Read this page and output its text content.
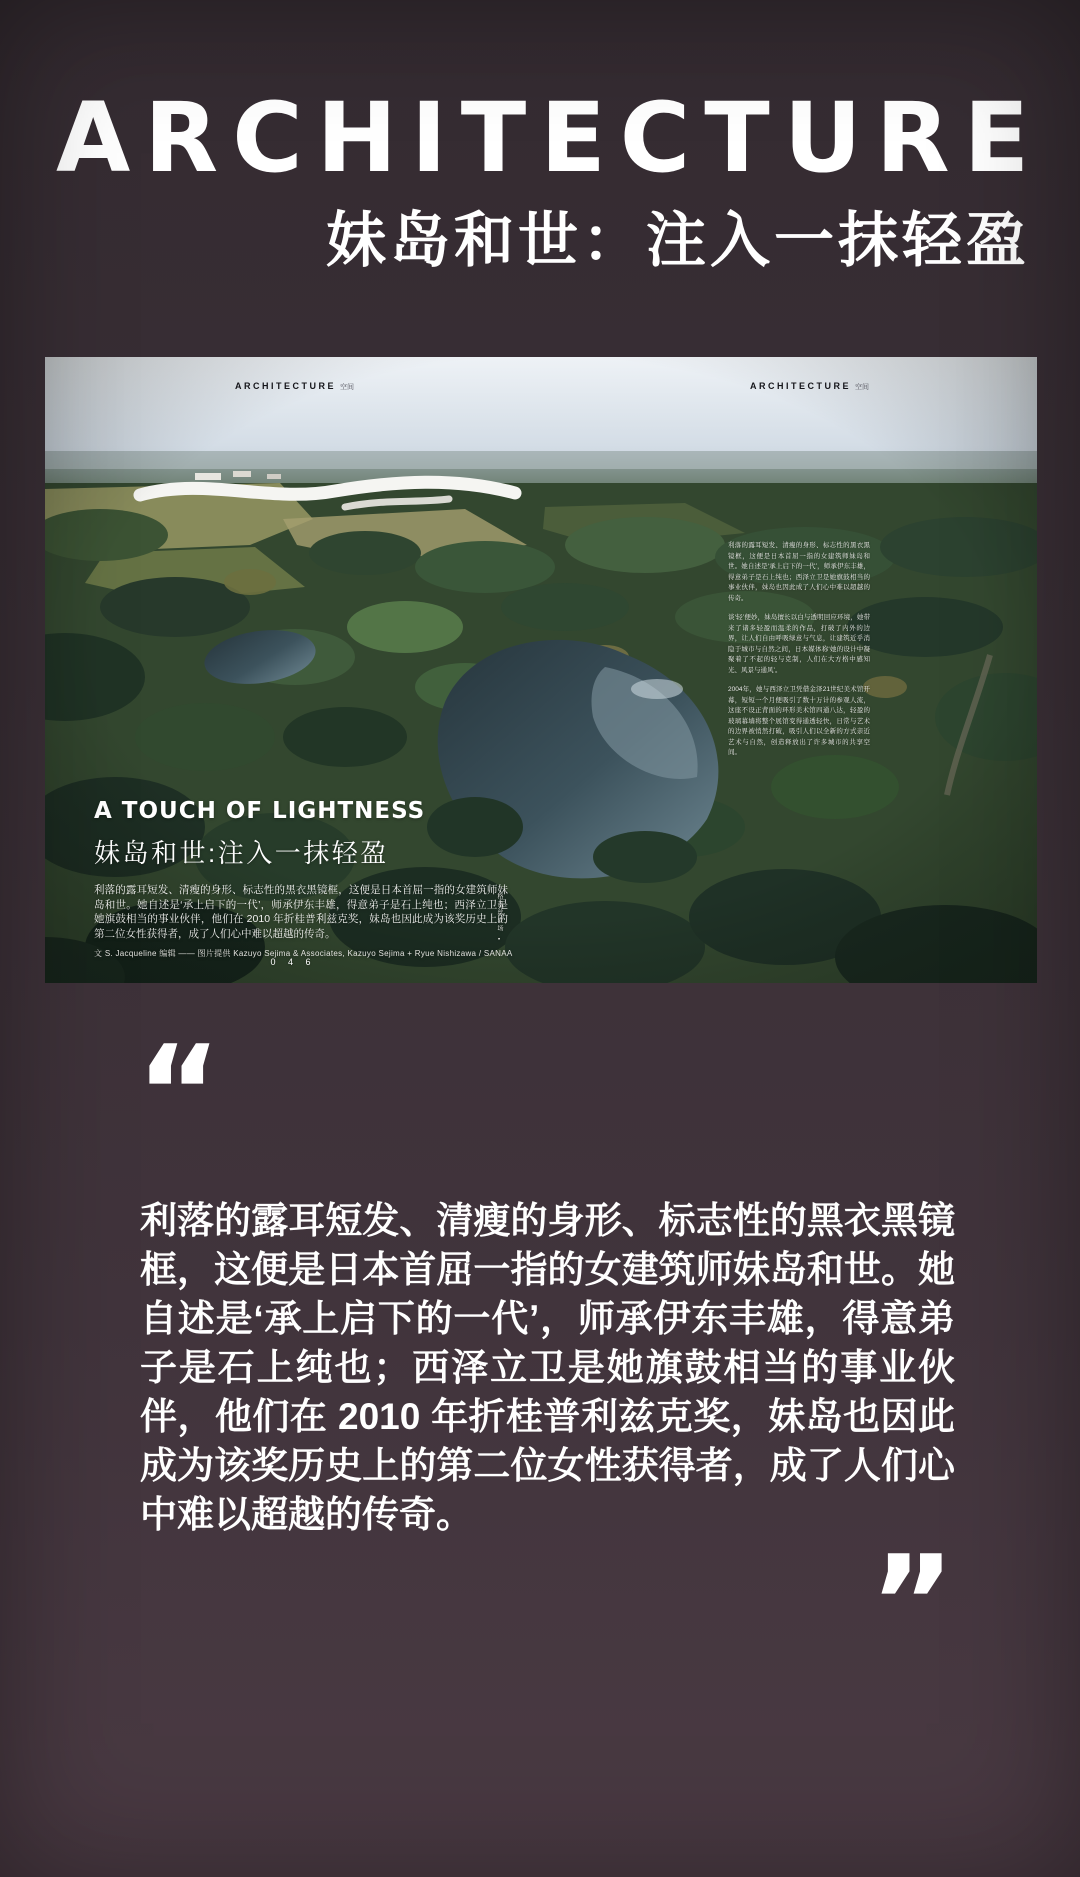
ARCHITECTURE
妹岛和世：注入一抹轻盈
ARCHITECTURE 空间	ARCHITECTURE 空间

利落的露耳短发、清瘦的身形、标志性的黑衣黑镜框，这便是日本首屈一指的女建筑师妹岛和世。她自述是‘承上启下的一代’，师承伊东丰雄，得意弟子是石上纯也；西泽立卫是她旗鼓相当的事业伙伴，妹岛也因此成了人们心中难以超越的传奇。

谈‘轻’便妙，妹岛擅长以白与透明回应环境，她带来了诸多轻盈而温柔的作品，打破了内外的边界，让人们自由呼吸绿意与气息，让建筑近乎消隐于城市与自然之间，日本媒体称‘她的设计中凝聚着了不起的轻与克制，人们在大方格中感知光、风景与通风’。

2004年，她与西泽立卫凭借金泽21世纪美术馆开幕，短短一个月便吸引了数十万计的参观人流，这座不设正背面的环形美术馆四通八达，轻盈的玻璃幕墙将整个展馆变得通透轻快，日常与艺术的边界被悄然打破，吸引人们以全新的方式亲近艺术与自然，创造释放出了许多城市的共享空间。

格蕾丝农场 ▪
A TOUCH OF LIGHTNESS
妹岛和世:注入一抹轻盈
利落的露耳短发、清瘦的身形、标志性的黑衣黑镜框，这便是日本首屈一指的女建筑师妹岛和世。她自述是‘承上启下的一代’，师承伊东丰雄，得意弟子是石上纯也；西泽立卫是她旗鼓相当的事业伙伴，他们在 2010 年折桂普利兹克奖，妹岛也因此成为该奖历史上的第二位女性获得者，成了人们心中难以超越的传奇。
文 S. Jacqueline 编辑 —— 图片提供 Kazuyo Sejima & Associates, Kazuyo Sejima + Ryue Nishizawa / SANAA
0 4 6
“
利落的露耳短发、清瘦的身形、标志性的黑衣黑镜框，这便是日本首屈一指的女建筑师妹岛和世。她自述是‘承上启下的一代’，师承伊东丰雄，得意弟子是石上纯也；西泽立卫是她旗鼓相当的事业伙伴，他们在 2010 年折桂普利兹克奖，妹岛也因此成为该奖历史上的第二位女性获得者，成了人们心中难以超越的传奇。
”
